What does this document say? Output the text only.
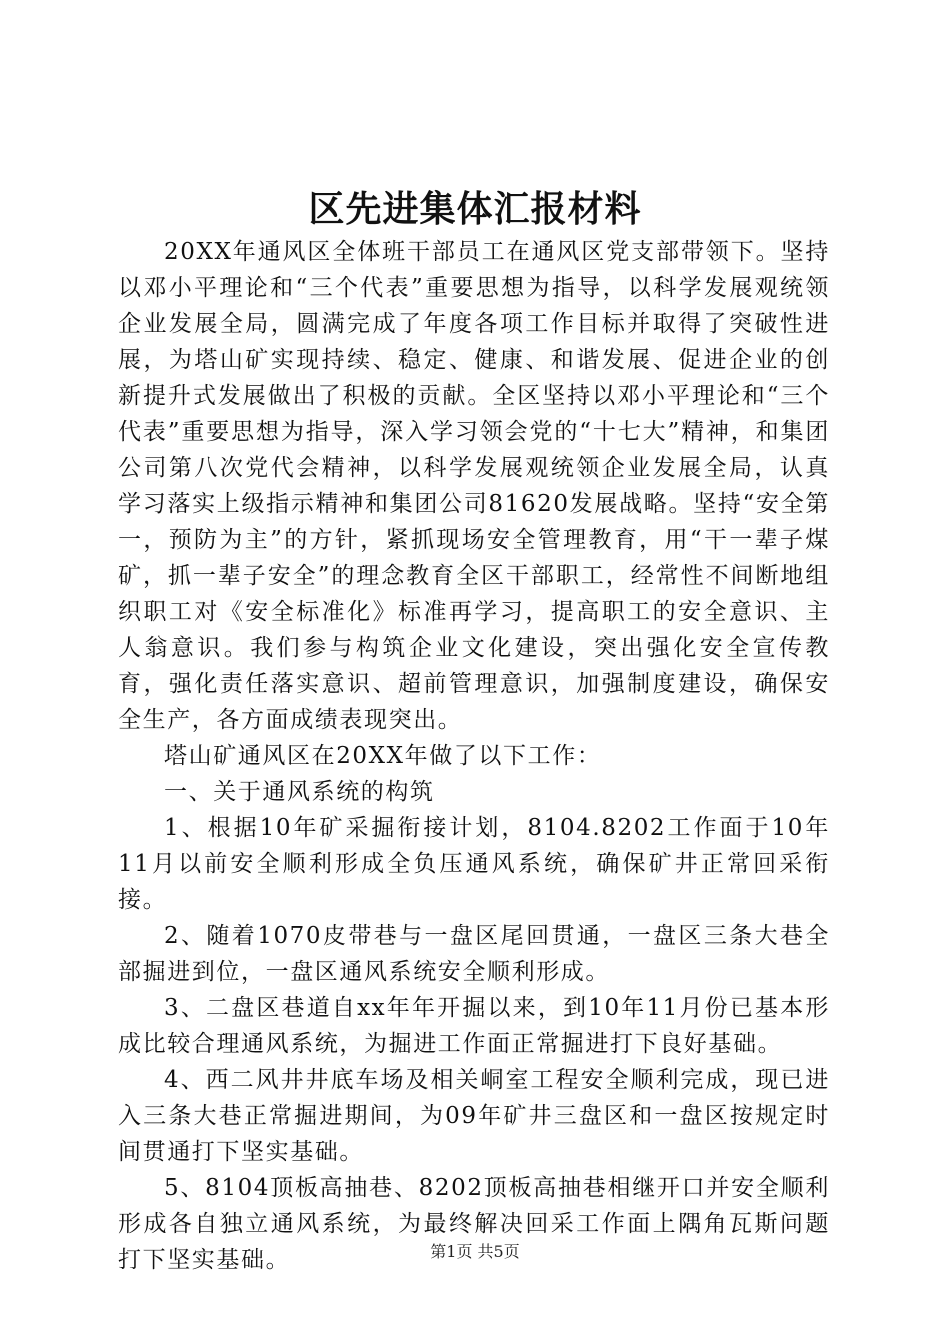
区先进集体汇报材料

20XX年通风区全体班干部员工在通风区党支部带领下。坚持以邓小平理论和“三个代表”重要思想为指导，以科学发展观统领企业发展全局，圆满完成了年度各项工作目标并取得了突破性进展，为塔山矿实现持续、稳定、健康、和谐发展、促进企业的创新提升式发展做出了积极的贡献。全区坚持以邓小平理论和“三个代表”重要思想为指导，深入学习领会党的“十七大”精神，和集团公司第八次党代会精神，以科学发展观统领企业发展全局，认真学习落实上级指示精神和集团公司81620发展战略。坚持“安全第一，预防为主”的方针，紧抓现场安全管理教育，用“干一辈子煤矿，抓一辈子安全”的理念教育全区干部职工，经常性不间断地组织职工对《安全标准化》标准再学习，提高职工的安全意识、主人翁意识。我们参与构筑企业文化建设，突出强化安全宣传教育，强化责任落实意识、超前管理意识，加强制度建设，确保安全生产，各方面成绩表现突出。

塔山矿通风区在20XX年做了以下工作：

一、关于通风系统的构筑

1、根据10年矿采掘衔接计划，8104.8202工作面于10年11月以前安全顺利形成全负压通风系统，确保矿井正常回采衔接。

2、随着1070皮带巷与一盘区尾回贯通，一盘区三条大巷全部掘进到位，一盘区通风系统安全顺利形成。

3、二盘区巷道自xx年年开掘以来，到10年11月份已基本形成比较合理通风系统，为掘进工作面正常掘进打下良好基础。

4、西二风井井底车场及相关峒室工程安全顺利完成，现已进入三条大巷正常掘进期间，为09年矿井三盘区和一盘区按规定时间贯通打下坚实基础。

5、8104顶板高抽巷、8202顶板高抽巷相继开口并安全顺利形成各自独立通风系统，为最终解决回采工作面上隅角瓦斯问题打下坚实基础。	第1页 共5页
